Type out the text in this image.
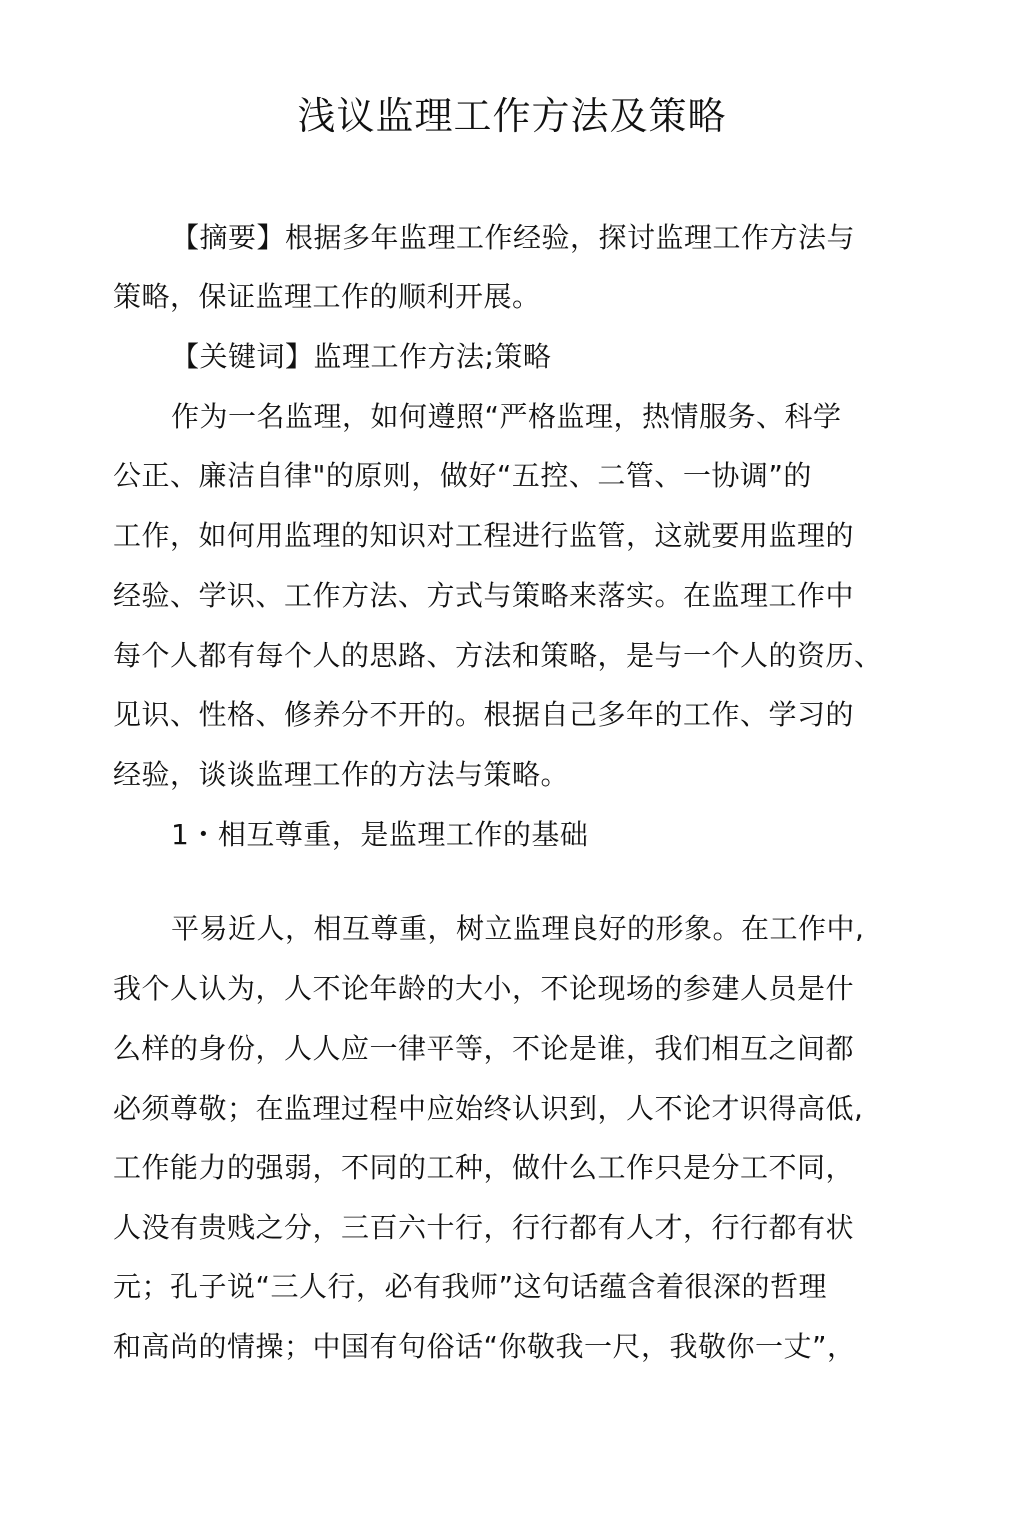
浅议监理工作方法及策略
【摘要】根据多年监理工作经验，探讨监理工作方法与
策略，保证监理工作的顺利开展。
【关键词】监理工作方法;策略
作为一名监理，如何遵照“严格监理，热情服务、科学
公正、廉洁自律"的原则，做好“五控、二管、一协调”的
工作，如何用监理的知识对工程进行监管，这就要用监理的
经验、学识、工作方法、方式与策略来落实。在监理工作中
每个人都有每个人的思路、方法和策略，是与一个人的资历、
见识、性格、修养分不开的。根据自己多年的工作、学习的
经验，谈谈监理工作的方法与策略。
1・相互尊重，是监理工作的基础
平易近人，相互尊重，树立监理良好的形象。在工作中,
我个人认为，人不论年龄的大小，不论现场的参建人员是什
么样的身份，人人应一律平等，不论是谁，我们相互之间都
必须尊敬；在监理过程中应始终认识到，人不论才识得高低,
工作能力的强弱，不同的工种，做什么工作只是分工不同，
人没有贵贱之分，三百六十行，行行都有人才，行行都有状
元；孔子说“三人行，必有我师”这句话蕴含着很深的哲理
和高尚的情操；中国有句俗话“你敬我一尺，我敬你一丈”，
